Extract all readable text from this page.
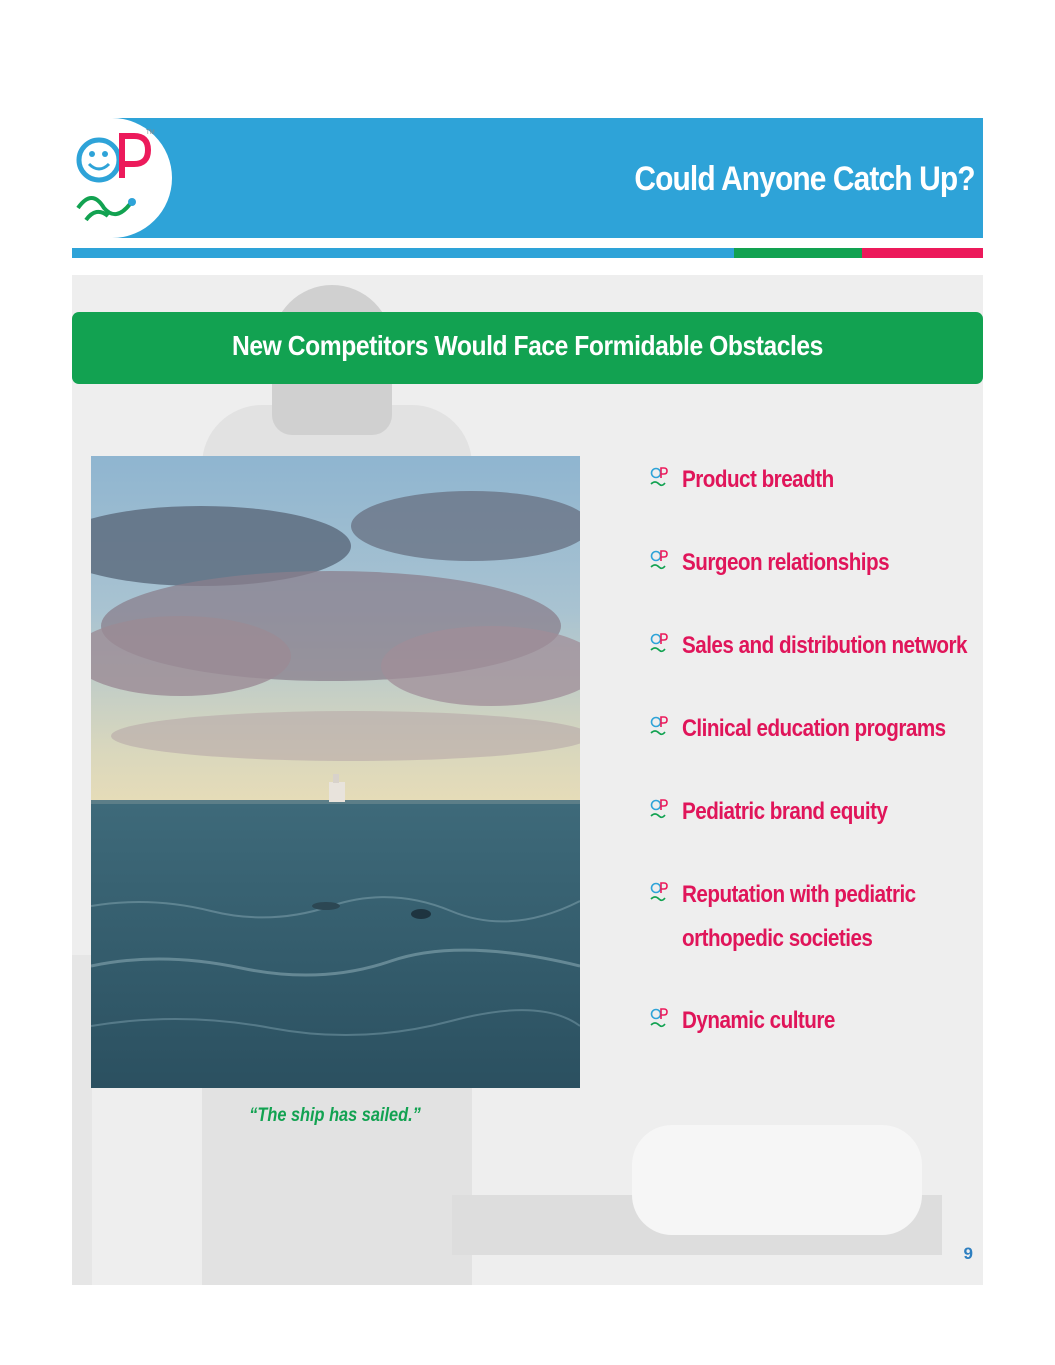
TM
Could Anyone Catch Up?
New Competitors Would Face Formidable Obstacles
“The ship has sailed.”
Product breadth
Surgeon relationships
Sales and distribution network
Clinical education programs
Pediatric brand equity
Reputation with pediatric
orthopedic societies
Dynamic culture
9
